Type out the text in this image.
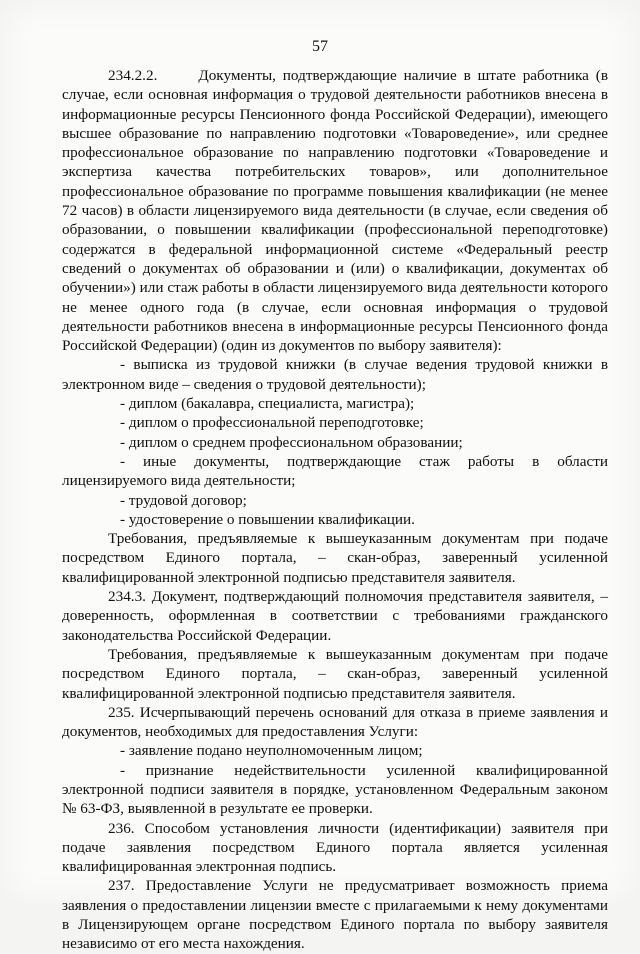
57

234.2.2.      Документы, подтверждающие наличие в штате работника (в случае, если основная информация о трудовой деятельности работников внесена в информационные ресурсы Пенсионного фонда Российской Федерации), имеющего высшее образование по направлению подготовки «Товароведение», или среднее профессиональное образование по направлению подготовки «Товароведение и экспертиза качества потребительских товаров», или дополнительное профессиональное образование по программе повышения квалификации (не менее 72 часов) в области лицензируемого вида деятельности (в случае, если сведения об образовании, о повышении квалификации (профессиональной переподготовке) содержатся в федеральной информационной системе «Федеральный реестр сведений о документах об образовании и (или) о квалификации, документах об обучении») или стаж работы в области лицензируемого вида деятельности которого не менее одного года (в случае, если основная информация о трудовой деятельности работников внесена в информационные ресурсы Пенсионного фонда Российской Федерации) (один из документов по выбору заявителя):

- выписка из трудовой книжки (в случае ведения трудовой книжки в электронном виде – сведения о трудовой деятельности);

- диплом (бакалавра, специалиста, магистра);

- диплом о профессиональной переподготовке;

- диплом о среднем профессиональном образовании;

- иные документы, подтверждающие стаж работы в области лицензируемого вида деятельности;

- трудовой договор;

- удостоверение о повышении квалификации.

Требования, предъявляемые к вышеуказанным документам при подаче посредством Единого портала, – скан-образ, заверенный усиленной квалифицированной электронной подписью представителя заявителя.

234.3. Документ, подтверждающий полномочия представителя заявителя, – доверенность, оформленная в соответствии с требованиями гражданского законодательства Российской Федерации.

Требования, предъявляемые к вышеуказанным документам при подаче посредством Единого портала, – скан-образ, заверенный усиленной квалифицированной электронной подписью представителя заявителя.

235. Исчерпывающий перечень оснований для отказа в приеме заявления и документов, необходимых для предоставления Услуги:

- заявление подано неуполномоченным лицом;

- признание недействительности усиленной квалифицированной электронной подписи заявителя в порядке, установленном Федеральным законом № 63-ФЗ, выявленной в результате ее проверки.

236. Способом установления личности (идентификации) заявителя при подаче заявления посредством Единого портала является усиленная квалифицированная электронная подпись.

237. Предоставление Услуги не предусматривает возможность приема заявления о предоставлении лицензии вместе с прилагаемыми к нему документами в Лицензирующем органе посредством Единого портала по выбору заявителя независимо от его места нахождения.
